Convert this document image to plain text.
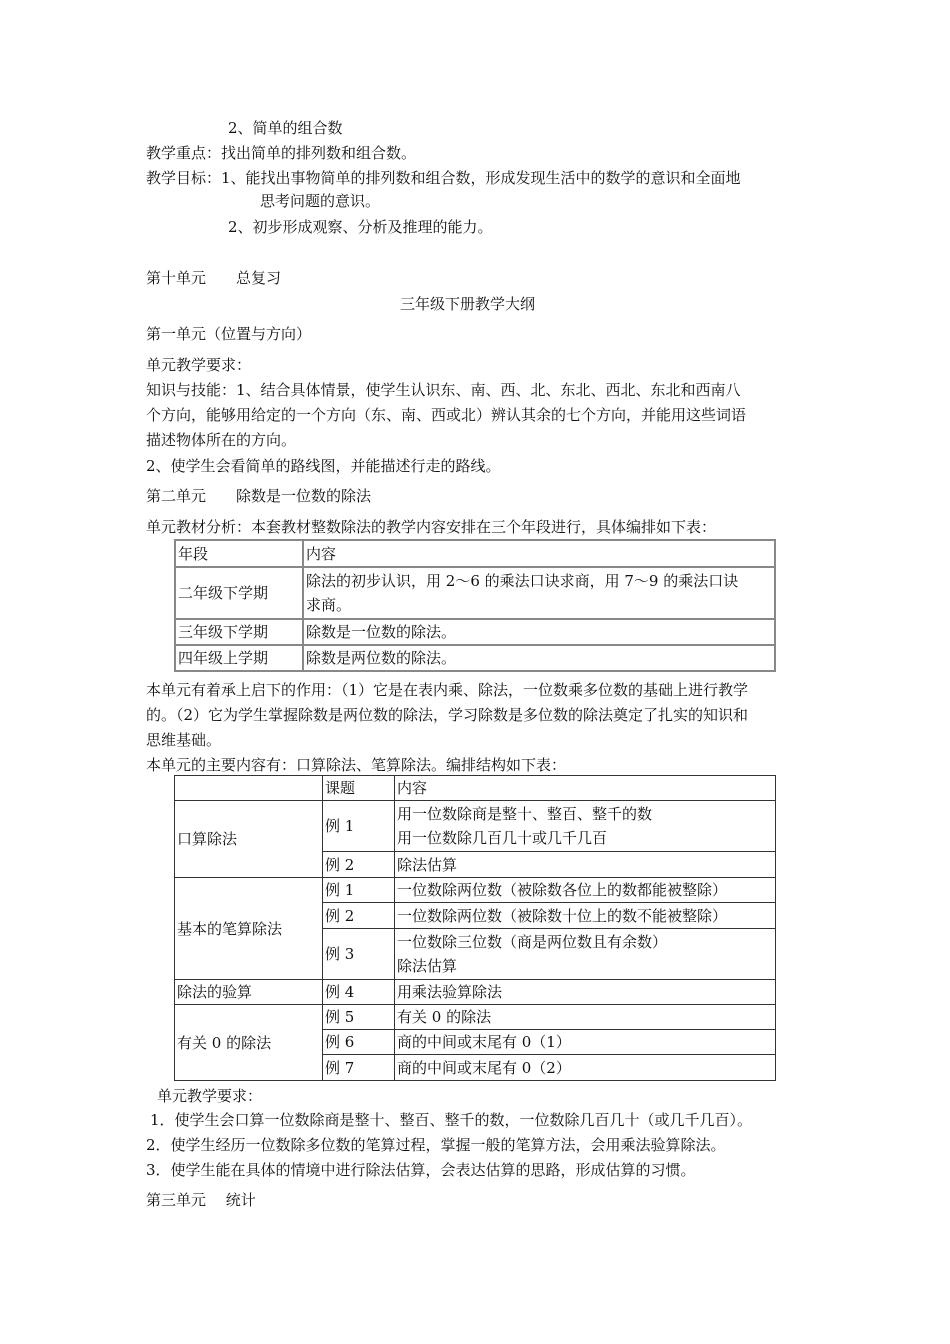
2、简单的组合数
教学重点：找出简单的排列数和组合数。
教学目标：1、能找出事物简单的排列数和组合数，形成发现生活中的数学的意识和全面地
思考问题的意识。
2、初步形成观察、分析及推理的能力。
第十单元　　总复习
三年级下册教学大纲
第一单元（位置与方向）
单元教学要求：
知识与技能：1、结合具体情景，使学生认识东、南、西、北、东北、西北、东北和西南八
个方向，能够用给定的一个方向（东、南、西或北）辨认其余的七个方向，并能用这些词语
描述物体所在的方向。
2、使学生会看简单的路线图，并能描述行走的路线。
第二单元　　除数是一位数的除法
单元教材分析：本套教材整数除法的教学内容安排在三个年段进行，具体编排如下表：
年段	内容
二年级下学期	除法的初步认识，用 2～6 的乘法口诀求商，用 7～9 的乘法口诀
求商。

三年级下学期	除数是一位数的除法。
四年级上学期	除数是两位数的除法。
本单元有着承上启下的作用：（1）它是在表内乘、除法，一位数乘多位数的基础上进行教学
的。（2）它为学生掌握除数是两位数的除法，学习除数是多位数的除法奠定了扎实的知识和
思维基础。
本单元的主要内容有：口算除法、笔算除法。编排结构如下表：
	课题	内容
口算除法	例 1	用一位数除商是整十、整百、整千的数
用一位数除几百几十或几千几百

	例 2	除法估算
基本的笔算除法	例 1	一位数除两位数（被除数各位上的数都能被整除）
	例 2	一位数除两位数（被除数十位上的数不能被整除）
	例 3	一位数除三位数（商是两位数且有余数）
除法估算

除法的验算	例 4	用乘法验算除法
有关 0 的除法	例 5	有关 0 的除法
	例 6	商的中间或末尾有 0（1）
	例 7	商的中间或末尾有 0（2）
单元教学要求：
1．使学生会口算一位数除商是整十、整百、整千的数，一位数除几百几十（或几千几百）。
2．使学生经历一位数除多位数的笔算过程，掌握一般的笔算方法，会用乘法验算除法。
3．使学生能在具体的情境中进行除法估算，会表达估算的思路，形成估算的习惯。
第三单元　 统计
